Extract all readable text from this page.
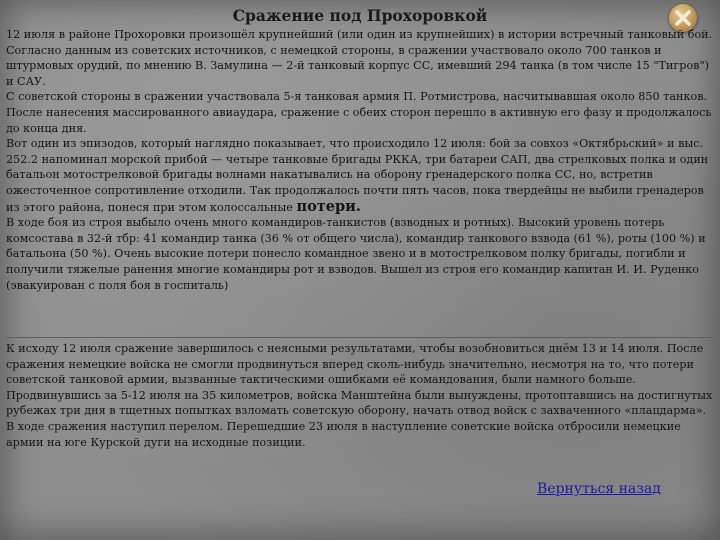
Сражение под Прохоровкой

12 июля в районе Прохоровки произошёл крупнейший (или один из крупнейших) в истории встречный танковый бой.

Согласно данным из советских источников, с немецкой стороны, в сражении участвовало около 700 танков и штурмовых орудий, по мнению В. Замулина — 2-й танковый корпус СС, имевший 294 танка (в том числе 15 "Тигров") и САУ.

С советской стороны в сражении участвовала 5-я танковая армия П. Ротмистрова, насчитывавшая около 850 танков. После нанесения массированного авиаудара, сражение с обеих сторон перешло в активную его фазу и продолжалось до конца дня.

Вот один из эпизодов, который наглядно показывает, что происходило 12 июля: бой за совхоз «Октябрьский» и выс. 252.2 напоминал морской прибой — четыре танковые бригады РККА, три батареи САП, два стрелковых полка и один батальон мотострелковой бригады волнами накатывались на оборону гренадерского полка СС, но, встретив ожесточенное сопротивление отходили. Так продолжалось почти пять часов, пока твердейцы не выбили гренадеров из этого района, понеся при этом колоссальные потери.

В ходе боя из строя выбыло очень много командиров-танкистов (взводных и ротных). Высокий уровень потерь комсостава в 32-й тбр: 41 командир танка (36 % от общего числа), командир танкового взвода (61 %), роты (100 %) и батальона (50 %). Очень высокие потери понесло командное звено и в мотострелковом полку бригады, погибли и получили тяжелые ранения многие командиры рот и взводов. Вышел из строя его командир капитан И. И. Руденко (эвакуирован с поля боя в госпиталь)

К исходу 12 июля сражение завершилось с неясными результатами, чтобы возобновиться днём 13 и 14 июля. После сражения немецкие войска не смогли продвинуться вперед сколь-нибудь значительно, несмотря на то, что потери советской танковой армии, вызванные тактическими ошибками её командования, были намного больше. Продвинувшись за 5-12 июля на 35 километров, войска Манштейна были вынуждены, протоптавшись на достигнутых рубежах три дня в тщетных попытках взломать советскую оборону, начать отвод войск с захваченного «плацдарма». В ходе сражения наступил перелом. Перешедшие 23 июля в наступление советские войска отбросили немецкие армии на юге Курской дуги на исходные позиции.
Вернуться назад
